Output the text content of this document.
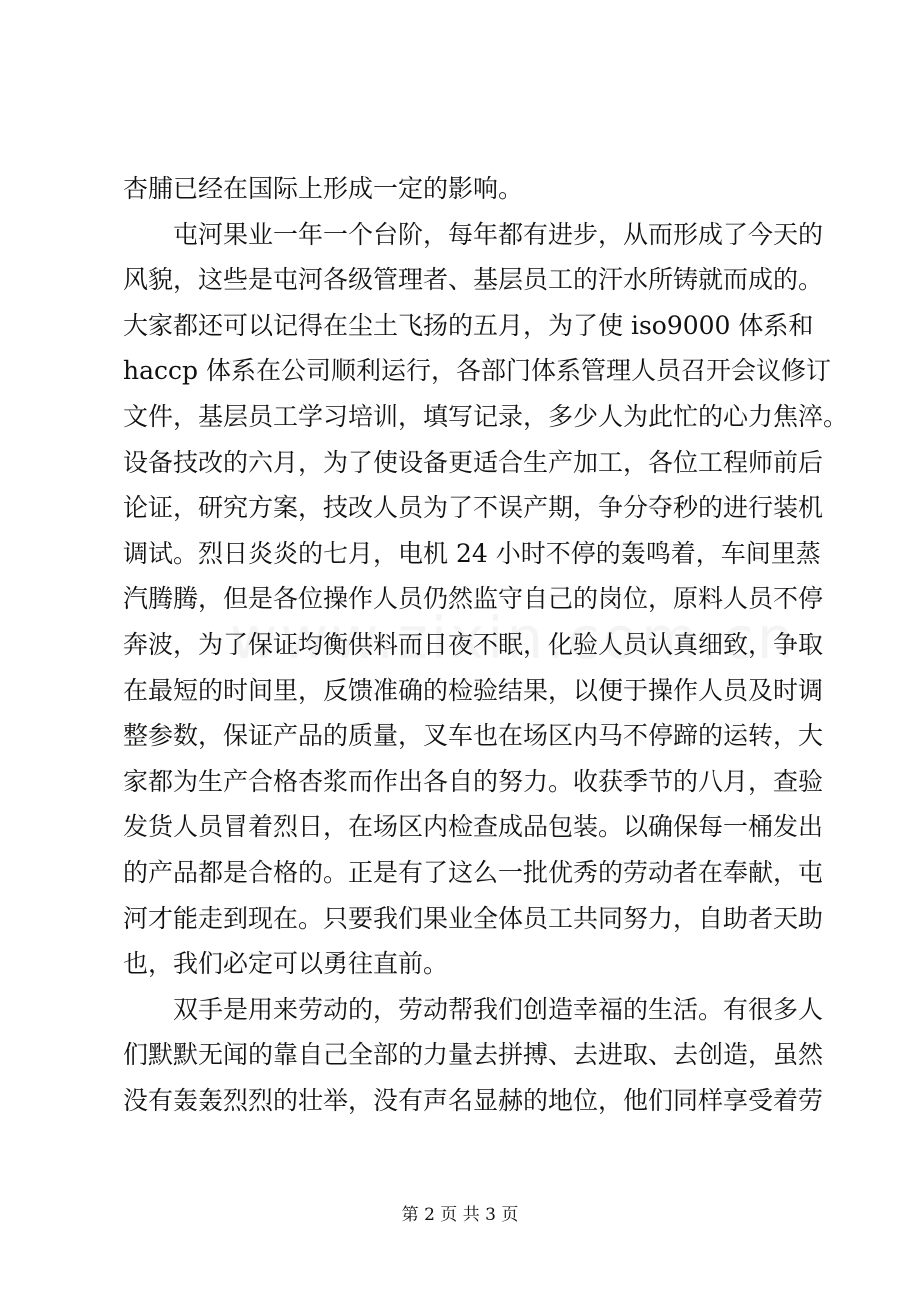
杏脯已经在国际上形成一定的影响。
屯河果业一年一个台阶，每年都有进步，从而形成了今天的
风貌，这些是屯河各级管理者、基层员工的汗水所铸就而成的。
大家都还可以记得在尘土飞扬的五月，为了使 iso9000 体系和
haccp 体系在公司顺利运行，各部门体系管理人员召开会议修订
文件，基层员工学习培训，填写记录，多少人为此忙的心力焦淬。
设备技改的六月，为了使设备更适合生产加工，各位工程师前后
论证，研究方案，技改人员为了不误产期，争分夺秒的进行装机
调试。烈日炎炎的七月，电机 24 小时不停的轰鸣着，车间里蒸
汽腾腾，但是各位操作人员仍然监守自己的岗位，原料人员不停
奔波，为了保证均衡供料而日夜不眠，化验人员认真细致，争取
在最短的时间里，反馈准确的检验结果，以便于操作人员及时调
整参数，保证产品的质量，叉车也在场区内马不停蹄的运转，大
家都为生产合格杏浆而作出各自的努力。收获季节的八月，查验
发货人员冒着烈日，在场区内检查成品包装。以确保每一桶发出
的产品都是合格的。正是有了这么一批优秀的劳动者在奉献，屯
河才能走到现在。只要我们果业全体员工共同努力，自助者天助
也，我们必定可以勇往直前。
双手是用来劳动的，劳动帮我们创造幸福的生活。有很多人
们默默无闻的靠自己全部的力量去拼搏、去进取、去创造，虽然
没有轰轰烈烈的壮举，没有声名显赫的地位，他们同样享受着劳
第 2 页 共 3 页
